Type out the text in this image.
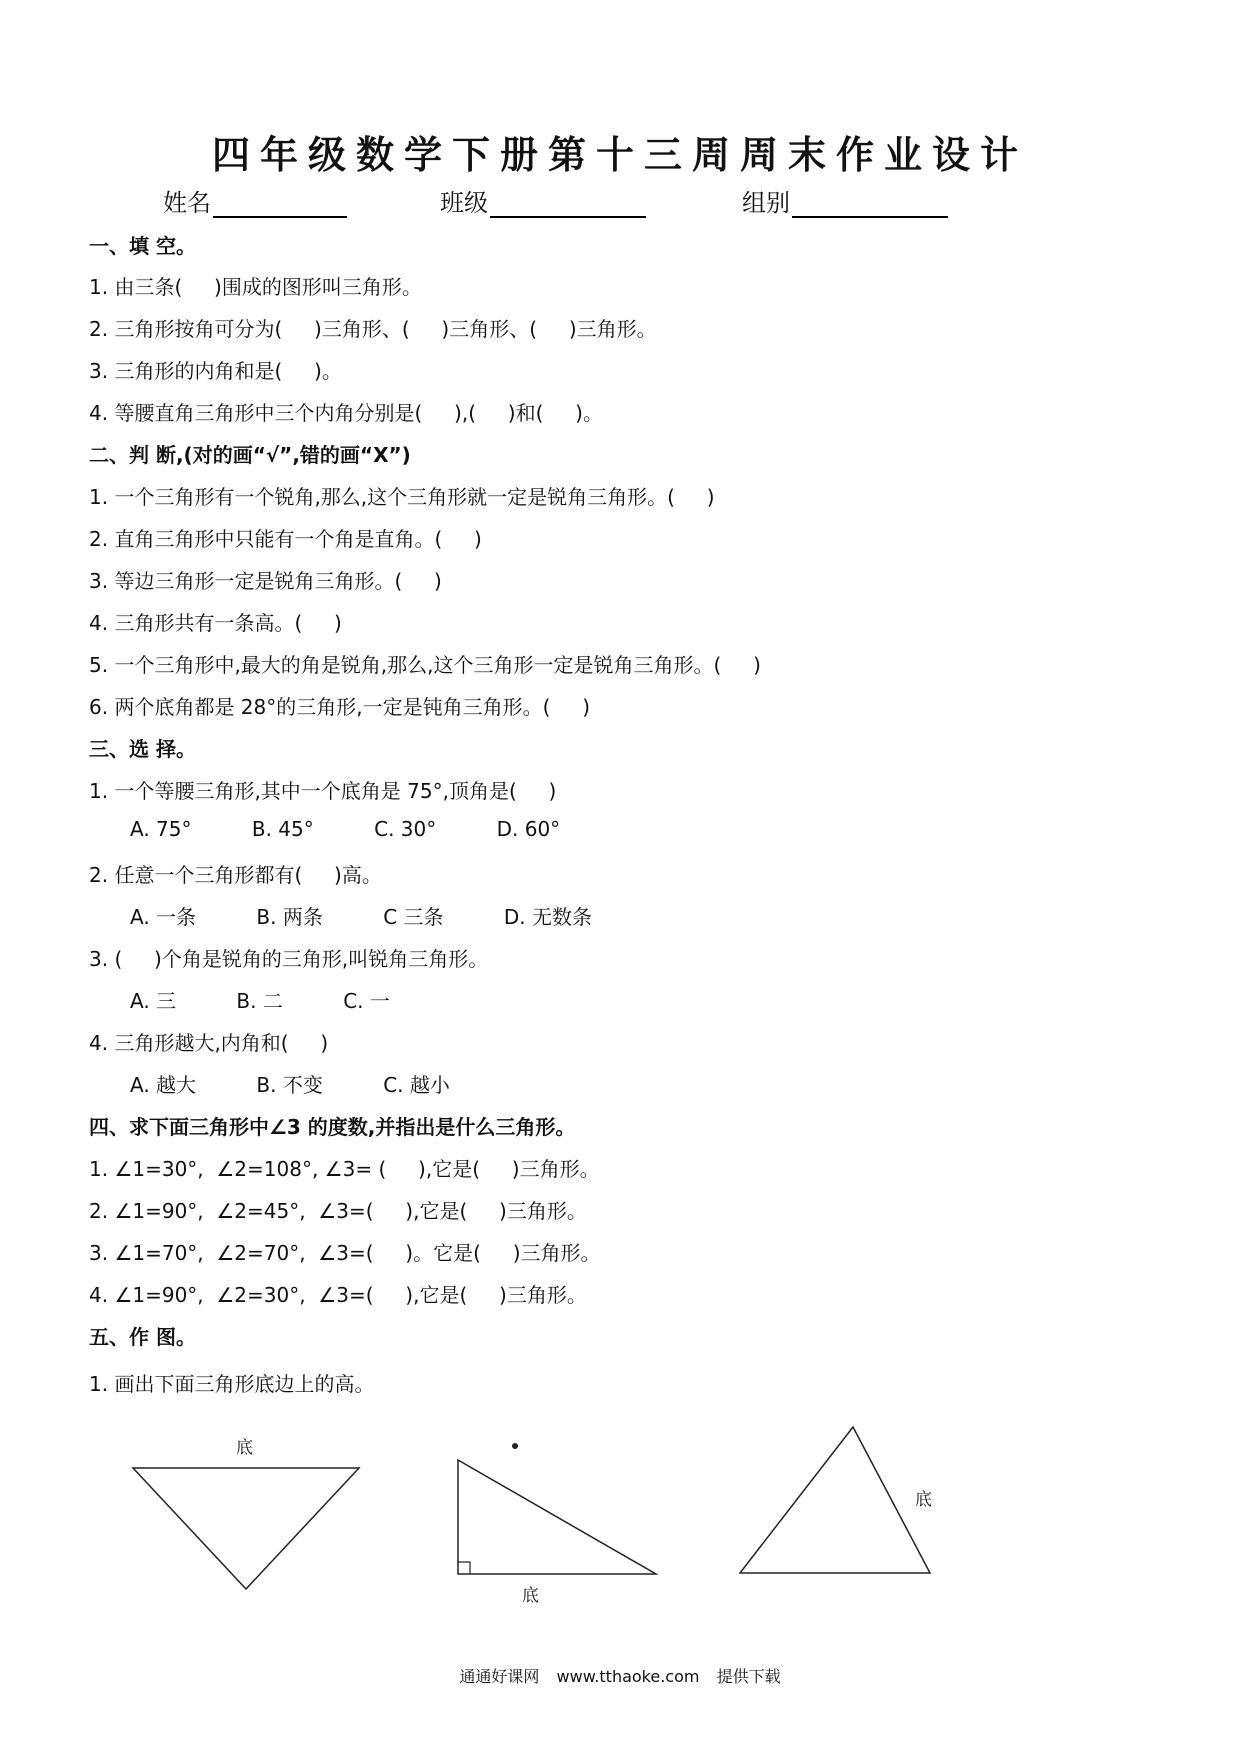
四年级数学下册第十三周周末作业设计
姓名	班级	组别
一、填 空。

1. 由三条(     )围成的图形叫三角形。

2. 三角形按角可分为(     )三角形、(     )三角形、(     )三角形。

3. 三角形的内角和是(     )。

4. 等腰直角三角形中三个内角分别是(     ),(     )和(     )。

二、判 断,(对的画“√”,错的画“X”)

1. 一个三角形有一个锐角,那么,这个三角形就一定是锐角三角形。(     )

2. 直角三角形中只能有一个角是直角。(     )

3. 等边三角形一定是锐角三角形。(     )

4. 三角形共有一条高。(     )

5. 一个三角形中,最大的角是锐角,那么,这个三角形一定是锐角三角形。(     )

6. 两个底角都是 28°的三角形,一定是钝角三角形。(     )

三、选 择。

1. 一个等腰三角形,其中一个底角是 75°,顶角是(     )

A. 75°	B. 45°	C. 30°	D. 60°

2. 任意一个三角形都有(     )高。

A. 一条	B. 两条	C 三条	D. 无数条

3. (     )个角是锐角的三角形,叫锐角三角形。

A. 三	B. 二	C. 一

4. 三角形越大,内角和(     )

A. 越大	B. 不变	C. 越小
四、求下面三角形中∠3 的度数,并指出是什么三角形。

1. ∠1=30°,  ∠2=108°, ∠3= (     ),它是(     )三角形。

2. ∠1=90°,  ∠2=45°,  ∠3=(     ),它是(     )三角形。

3. ∠1=70°,  ∠2=70°,  ∠3=(     )。它是(     )三角形。

4. ∠1=90°,  ∠2=30°,  ∠3=(     ),它是(     )三角形。

五、作 图。

1. 画出下面三角形底边上的高。

底
底
底

通通好课网 www.tthaoke.com 提供下载
